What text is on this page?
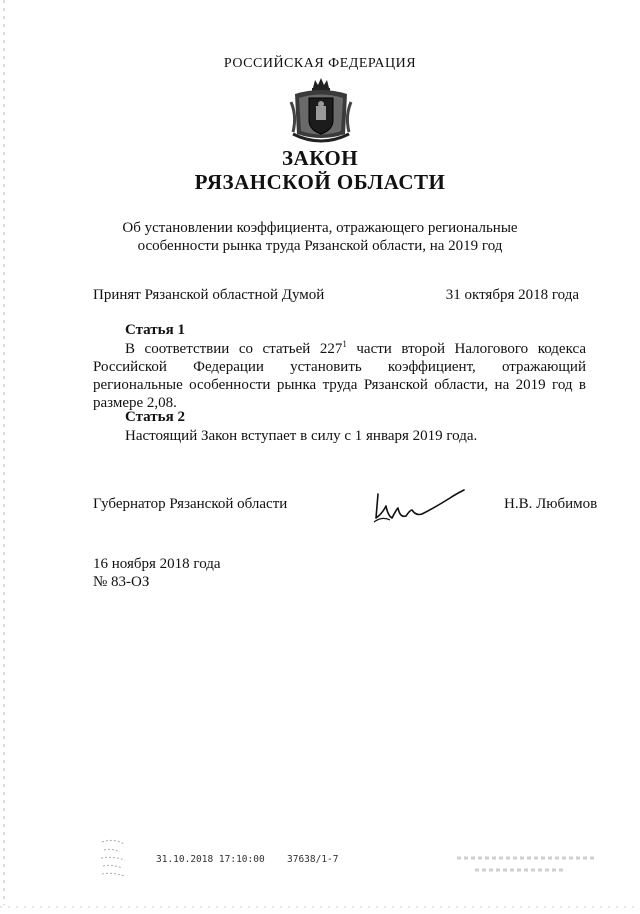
РОССИЙСКАЯ ФЕДЕРАЦИЯ
ЗАКОН
РЯЗАНСКОЙ ОБЛАСТИ
Об установлении коэффициента, отражающего региональные
особенности рынка труда Рязанской области, на 2019 год
Принят Рязанской областной Думой	31 октября 2018 года
Статья 1
В соответствии со статьей $227^1$ части второй Налогового кодекса Российской Федерации установить коэффициент, отражающий региональные особенности рынка труда Рязанской области, на 2019 год в размере 2,08.
Статья 2
Настоящий Закон вступает в силу с 1 января 2019 года.
Губернатор Рязанской области	Н.В. Любимов
16 ноября 2018 года
№ 83-ОЗ
31.10.2018 17:10:00 37638/1-7
